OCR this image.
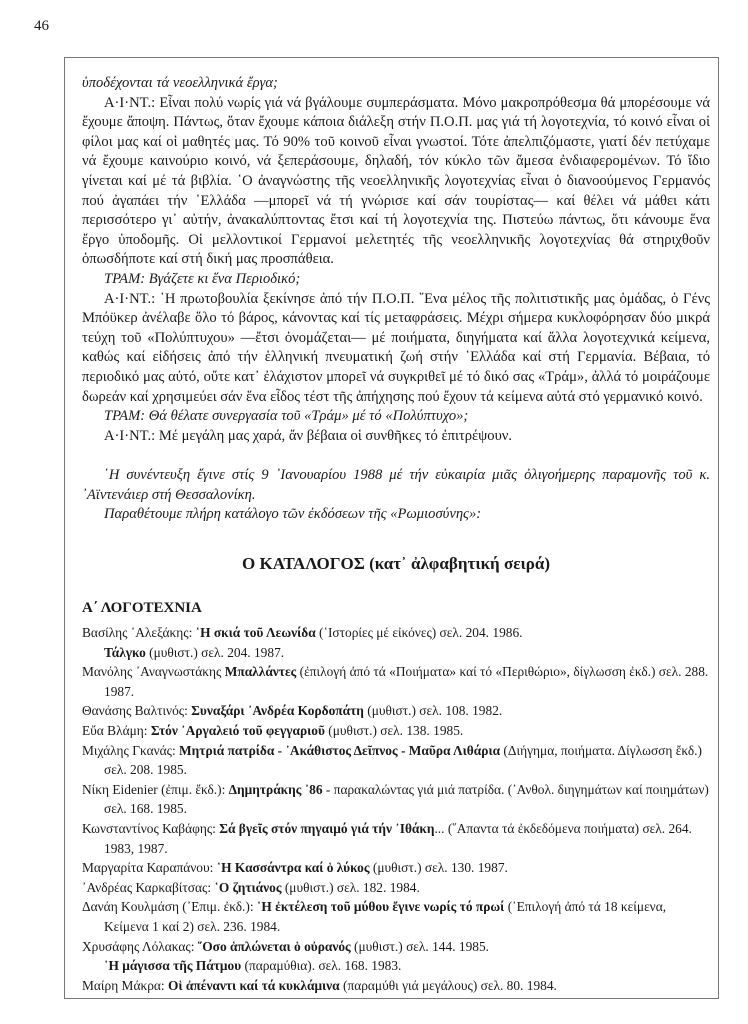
46

ὑποδέχονται τά νεοελληνικά ἔργα;

Α·Ι·ΝΤ.: Εἶναι πολύ νωρίς γιά νά βγάλουμε συμπεράσματα. Μόνο μακροπρόθεσμα θά μπορέσουμε νά ἔχουμε ἄποψη. Πάντως, ὅταν ἔχουμε κάποια διάλεξη στήν Π.Ο.Π. μας γιά τή λογοτεχνία, τό κοινό εἶναι οἱ φίλοι μας καί οἱ μαθητές μας. Τό 90% τοῦ κοινοῦ εἶναι γνωστοί. Τότε ἀπελπιζόμαστε, γιατί δέν πετύχαμε νά ἔχουμε καινούριο κοινό, νά ξεπεράσουμε, δηλαδή, τόν κύκλο τῶν ἄμεσα ἐνδιαφερομένων. Τό ἴδιο γίνεται καί μέ τά βιβλία. ῾Ο ἀναγνώστης τῆς νεοελληνικῆς λογοτεχνίας εἶναι ὁ διανοούμενος Γερμανός πού ἀγαπάει τήν ῾Ελλάδα —μπορεῖ νά τή γνώρισε καί σάν τουρίστας— καί θέλει νά μάθει κάτι περισσότερο γι᾿ αὐτήν, ἀνακαλύπτοντας ἔτσι καί τή λογοτεχνία της. Πιστεύω πάντως, ὅτι κάνουμε ἕνα ἔργο ὑποδομῆς. Οἱ μελλοντικοί Γερμανοί μελετητές τῆς νεοελληνικῆς λογοτεχνίας θά στηριχθοῦν ὁπωσδήποτε καί στή δική μας προσπάθεια.

ΤΡΑΜ: Βγάζετε κι ἕνα Περιοδικό;

Α·Ι·ΝΤ.: ῾Η πρωτοβουλία ξεκίνησε ἀπό τήν Π.Ο.Π. ῞Ενα μέλος τῆς πολιτιστικῆς μας ὁμάδας, ὁ Γένς Μπόϋκερ ἀνέλαβε ὅλο τό βάρος, κάνοντας καί τίς μεταφράσεις. Μέχρι σήμερα κυκλοφόρησαν δύο μικρά τεύχη τοῦ «Πολύπτυχου» —ἔτσι ὀνομάζεται— μέ ποιήματα, διηγήματα καί ἄλλα λογοτεχνικά κείμενα, καθώς καί εἰδήσεις ἀπό τήν ἑλληνική πνευματική ζωή στήν ῾Ελλάδα καί στή Γερμανία. Βέβαια, τό περιοδικό μας αὐτό, οὔτε κατ᾿ ἐλάχιστον μπορεῖ νά συγκριθεῖ μέ τό δικό σας «Τράμ», ἀλλά τό μοιράζουμε δωρεάν καί χρησιμεύει σάν ἕνα εἶδος τέστ τῆς ἀπήχησης πού ἔχουν τά κείμενα αὐτά στό γερμανικό κοινό.

ΤΡΑΜ: Θά θέλατε συνεργασία τοῦ «Τράμ» μέ τό «Πολύπτυχο»;

Α·Ι·ΝΤ.: Μέ μεγάλη μας χαρά, ἄν βέβαια οἱ συνθῆκες τό ἐπιτρέψουν.

῾Η συνέντευξη ἔγινε στίς 9 ᾿Ιανουαρίου 1988 μέ τήν εὐκαιρία μιᾶς ὀλιγοήμερης παραμονῆς τοῦ κ. ᾿Αϊντενάιερ στή Θεσσαλονίκη.

Παραθέτουμε πλήρη κατάλογο τῶν ἐκδόσεων τῆς «Ρωμιοσύνης»:

Ο ΚΑΤΑΛΟΓΟΣ (κατ᾿ ἀλφαβητική σειρά)

Α΄ ΛΟΓΟΤΕΧΝΙΑ

Βασίλης ᾿Αλεξάκης: ῾Η σκιά τοῦ Λεωνίδα (῾Ιστορίες μέ εἰκόνες) σελ. 204. 1986.

Τάλγκο (μυθιστ.) σελ. 204. 1987.

Μανόλης ᾿Αναγνωστάκης Μπαλλάντες (ἐπιλογή ἀπό τά «Ποιήματα» καί τό «Περιθώριο», δίγλωσση ἐκδ.) σελ. 288. 1987.

Θανάσης Βαλτινός: Συναξάρι ᾿Ανδρέα Κορδοπάτη (μυθιστ.) σελ. 108. 1982.

Εὔα Βλάμη: Στόν ᾿Αργαλειό τοῦ φεγγαριοῦ (μυθιστ.) σελ. 138. 1985.

Μιχάλης Γκανάς: Μητριά πατρίδα - ᾿Ακάθιστος Δεῖπνος - Μαῦρα Λιθάρια (Διήγημα, ποιήματα. Δίγλωσση ἔκδ.) σελ. 208. 1985.

Νίκη Eidenier (ἐπιμ. ἔκδ.): Δημητράκης ᾿86 - παρακαλώντας γιά μιά πατρίδα. (᾿Ανθολ. διηγημάτων καί ποιημάτων) σελ. 168. 1985.

Κωνσταντίνος Καβάφης: Σά βγεῖς στόν πηγαιμό γιά τήν ᾿Ιθάκη... (῞Απαντα τά ἐκδεδόμενα ποιήματα) σελ. 264. 1983, 1987.

Μαργαρίτα Καραπάνου: ῾Η Κασσάντρα καί ὁ λύκος (μυθιστ.) σελ. 130. 1987.

᾿Ανδρέας Καρκαβίτσας: ῾Ο ζητιάνος (μυθιστ.) σελ. 182. 1984.

Δανάη Κουλμάση (᾿Επιμ. ἐκδ.): ῾Η ἐκτέλεση τοῦ μύθου ἔγινε νωρίς τό πρωί (᾿Επιλογή ἀπό τά 18 κείμενα, Κείμενα 1 καί 2) σελ. 236. 1984.

Χρυσάφης Λόλακας: ῞Οσο ἁπλώνεται ὁ οὐρανός (μυθιστ.) σελ. 144. 1985.

῾Η μάγισσα τῆς Πάτμου (παραμύθια). σελ. 168. 1983.

Μαίρη Μάκρα: Οἱ ἀπέναντι καί τά κυκλάμινα (παραμύθι γιά μεγάλους) σελ. 80. 1984.
